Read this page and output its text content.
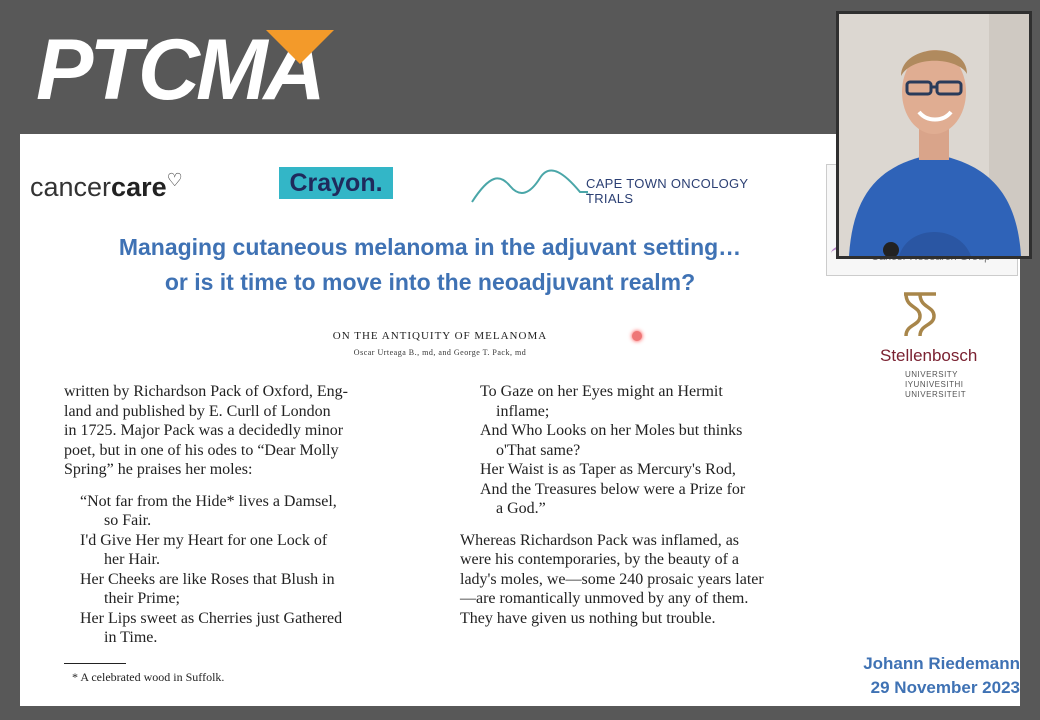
PTCMA
cancercare♡	Crayon.	CAPE TOWN ONCOLOGY TRIALS
Managing cutaneous melanoma in the adjuvant setting…
or is it time to move into the neoadjuvant realm?
ON THE ANTIQUITY OF MELANOMA
Oscar Urteaga B., md, and George T. Pack, md

written by Richardson Pack of Oxford, Eng-

land and published by E. Curll of London

in 1725. Major Pack was a decidedly minor

poet, but in one of his odes to “Dear Molly

Spring” he praises her moles:

“Not far from the Hide* lives a Damsel,

so Fair.

I'd Give Her my Heart for one Lock of

her Hair.

Her Cheeks are like Roses that Blush in

their Prime;

Her Lips sweet as Cherries just Gathered

in Time.

To Gaze on her Eyes might an Hermit

inflame;

And Who Looks on her Moles but thinks

o'That same?

Her Waist is as Taper as Mercury's Rod,

And the Treasures below were a Prize for

a God.”

Whereas Richardson Pack was inflamed, as

were his contemporaries, by the beauty of a

lady's moles, we—some 240 prosaic years later

—are romantically unmoved by any of them.

They have given us nothing but trouble.

* A celebrated wood in Suffolk.
Stellenbosch
UNIVERSITY
IYUNIVESITHI
UNIVERSITEIT
Johann Riedemann
29 November 2023
